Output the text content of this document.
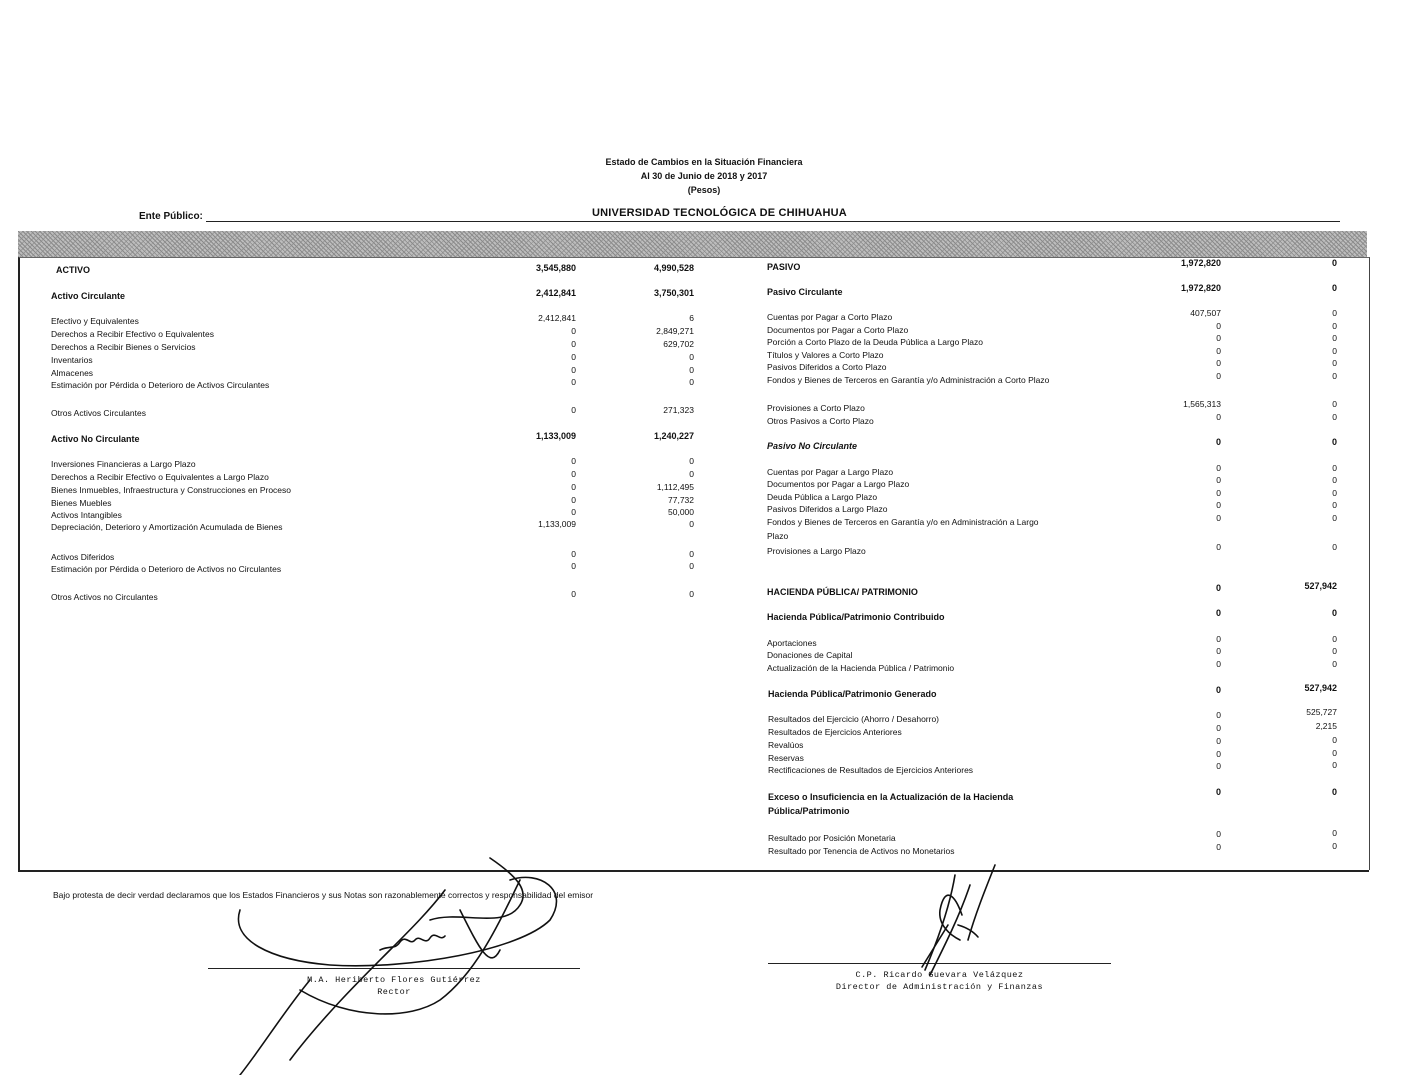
Estado de Cambios en la Situación Financiera
Al 30 de Junio de 2018 y 2017
(Pesos)
Ente Público:	UNIVERSIDAD TECNOLÓGICA DE CHIHUAHUA
ACTIVO	3,545,880	4,990,528
Activo Circulante	2,412,841	3,750,301
Efectivo y Equivalentes	2,412,841	6
Derechos a Recibir Efectivo o Equivalentes	0	2,849,271
Derechos a Recibir Bienes o Servicios	0	629,702
Inventarios	0	0
Almacenes	0	0
Estimación por Pérdida o Deterioro de Activos Circulantes	0	0
Otros Activos Circulantes	0	271,323
Activo No Circulante	1,133,009	1,240,227
Inversiones Financieras a Largo Plazo	0	0
Derechos a Recibir Efectivo o Equivalentes a Largo Plazo	0	0
Bienes Inmuebles, Infraestructura y Construcciones en Proceso	0	1,112,495
Bienes Muebles	0	77,732
Activos Intangibles	0	50,000
Depreciación, Deterioro y Amortización Acumulada de Bienes	1,133,009	0
Activos Diferidos	0	0
Estimación por Pérdida o Deterioro de Activos no Circulantes	0	0
Otros Activos no Circulantes	0	0
PASIVO	1,972,820	0
Pasivo Circulante	1,972,820	0
Cuentas por Pagar a Corto Plazo	407,507	0
Documentos por Pagar a Corto Plazo	0	0
Porción a Corto Plazo de la Deuda Pública a Largo Plazo	0	0
Títulos y Valores a Corto Plazo	0	0
Pasivos Diferidos a Corto Plazo	0	0
Fondos y Bienes de Terceros en Garantía y/o Administración a Corto Plazo	0	0
Provisiones a Corto Plazo	1,565,313	0
Otros Pasivos a Corto Plazo	0	0
Pasivo No Circulante	0	0
Cuentas por Pagar a Largo Plazo	0	0
Documentos por Pagar a Largo Plazo	0	0
Deuda Pública a Largo Plazo	0	0
Pasivos Diferidos a Largo Plazo	0	0
Fondos y Bienes de Terceros en Garantía y/o en Administración a Largo
Plazo
0	0
Provisiones a Largo Plazo	0	0
HACIENDA PÚBLICA/ PATRIMONIO	0	527,942
Hacienda Pública/Patrimonio Contribuido	0	0
Aportaciones	0	0
Donaciones de Capital	0	0
Actualización de la Hacienda Pública / Patrimonio	0	0
Hacienda Pública/Patrimonio Generado	0	527,942
Resultados del Ejercicio (Ahorro / Desahorro)	0	525,727
Resultados de Ejercicios Anteriores	0	2,215
Revalúos	0	0
Reservas	0	0
Rectificaciones de Resultados de Ejercicios Anteriores	0	0
Exceso o Insuficiencia en la Actualización de la Hacienda
Pública/Patrimonio
0	0
Resultado por Posición Monetaria	0	0
Resultado por Tenencia de Activos no Monetarios	0	0
Bajo protesta de decir verdad declaramos que los Estados Financieros y sus Notas son razonablemente correctos y responsabilidad del emisor
M.A. Heriberto Flores Gutiérrez
Rector
C.P. Ricardo Guevara Velázquez
Director de Administración y Finanzas
